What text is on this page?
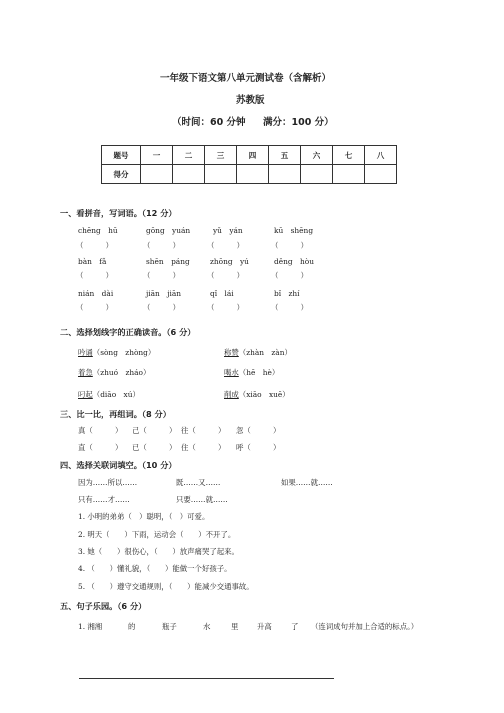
一年级下语文第八单元测试卷（含解析）
苏教版
（时间：60 分钟 满分：100 分）
题号	一	二	三	四	五	六	七	八
得分								
一、看拼音，写词语。（12 分）
chēng　hū	gōng　yuán	yǔ　yán	kū　shēng
（　　　）	（　　　）	（　　　）	（　　　）
bàn　fǎ	shēn　páng	zhōng　yú	děng　hòu
（　　　）	（　　　）	（　　　）	（　　　）
nián　dài	jiān　jiān	qǐ　lái	bǐ　zhí
（　　　）	（　　　）	（　　　）	（　　　）
二、选择划线字的正确读音。（6 分）
吟诵（sòng　zhòng）	称赞（zhàn　zàn）
着急（zhuó　zháo）	喝水（hē　hè）
叼起（diāo　xú）	削成（xiāo　xuē）
三、比一比，再组词。（8 分）
真（　　　） 己（　　　） 往（　　　） 忽（　　　）
直（　　　） 已（　　　） 住（　　　） 呼（　　　）
四、选择关联词填空。（10 分）
因为……所以……	既……又……	如果……就……
只有……才……	只要……就……
1. 小明的弟弟（　）聪明，（　）可爱。
2. 明天（　　）下雨，运动会（　　）不开了。
3. 她（　　）很伤心，（　　）放声痛哭了起来。
4. （　　）懂礼貌，（　　）能做一个好孩子。
5. （　　）遵守交通规则，（　　）能减少交通事故。
五、句子乐园。（6 分）
1. 湘湘	的	瓶子	水	里	升高	了 （连词成句并加上合适的标点。）
